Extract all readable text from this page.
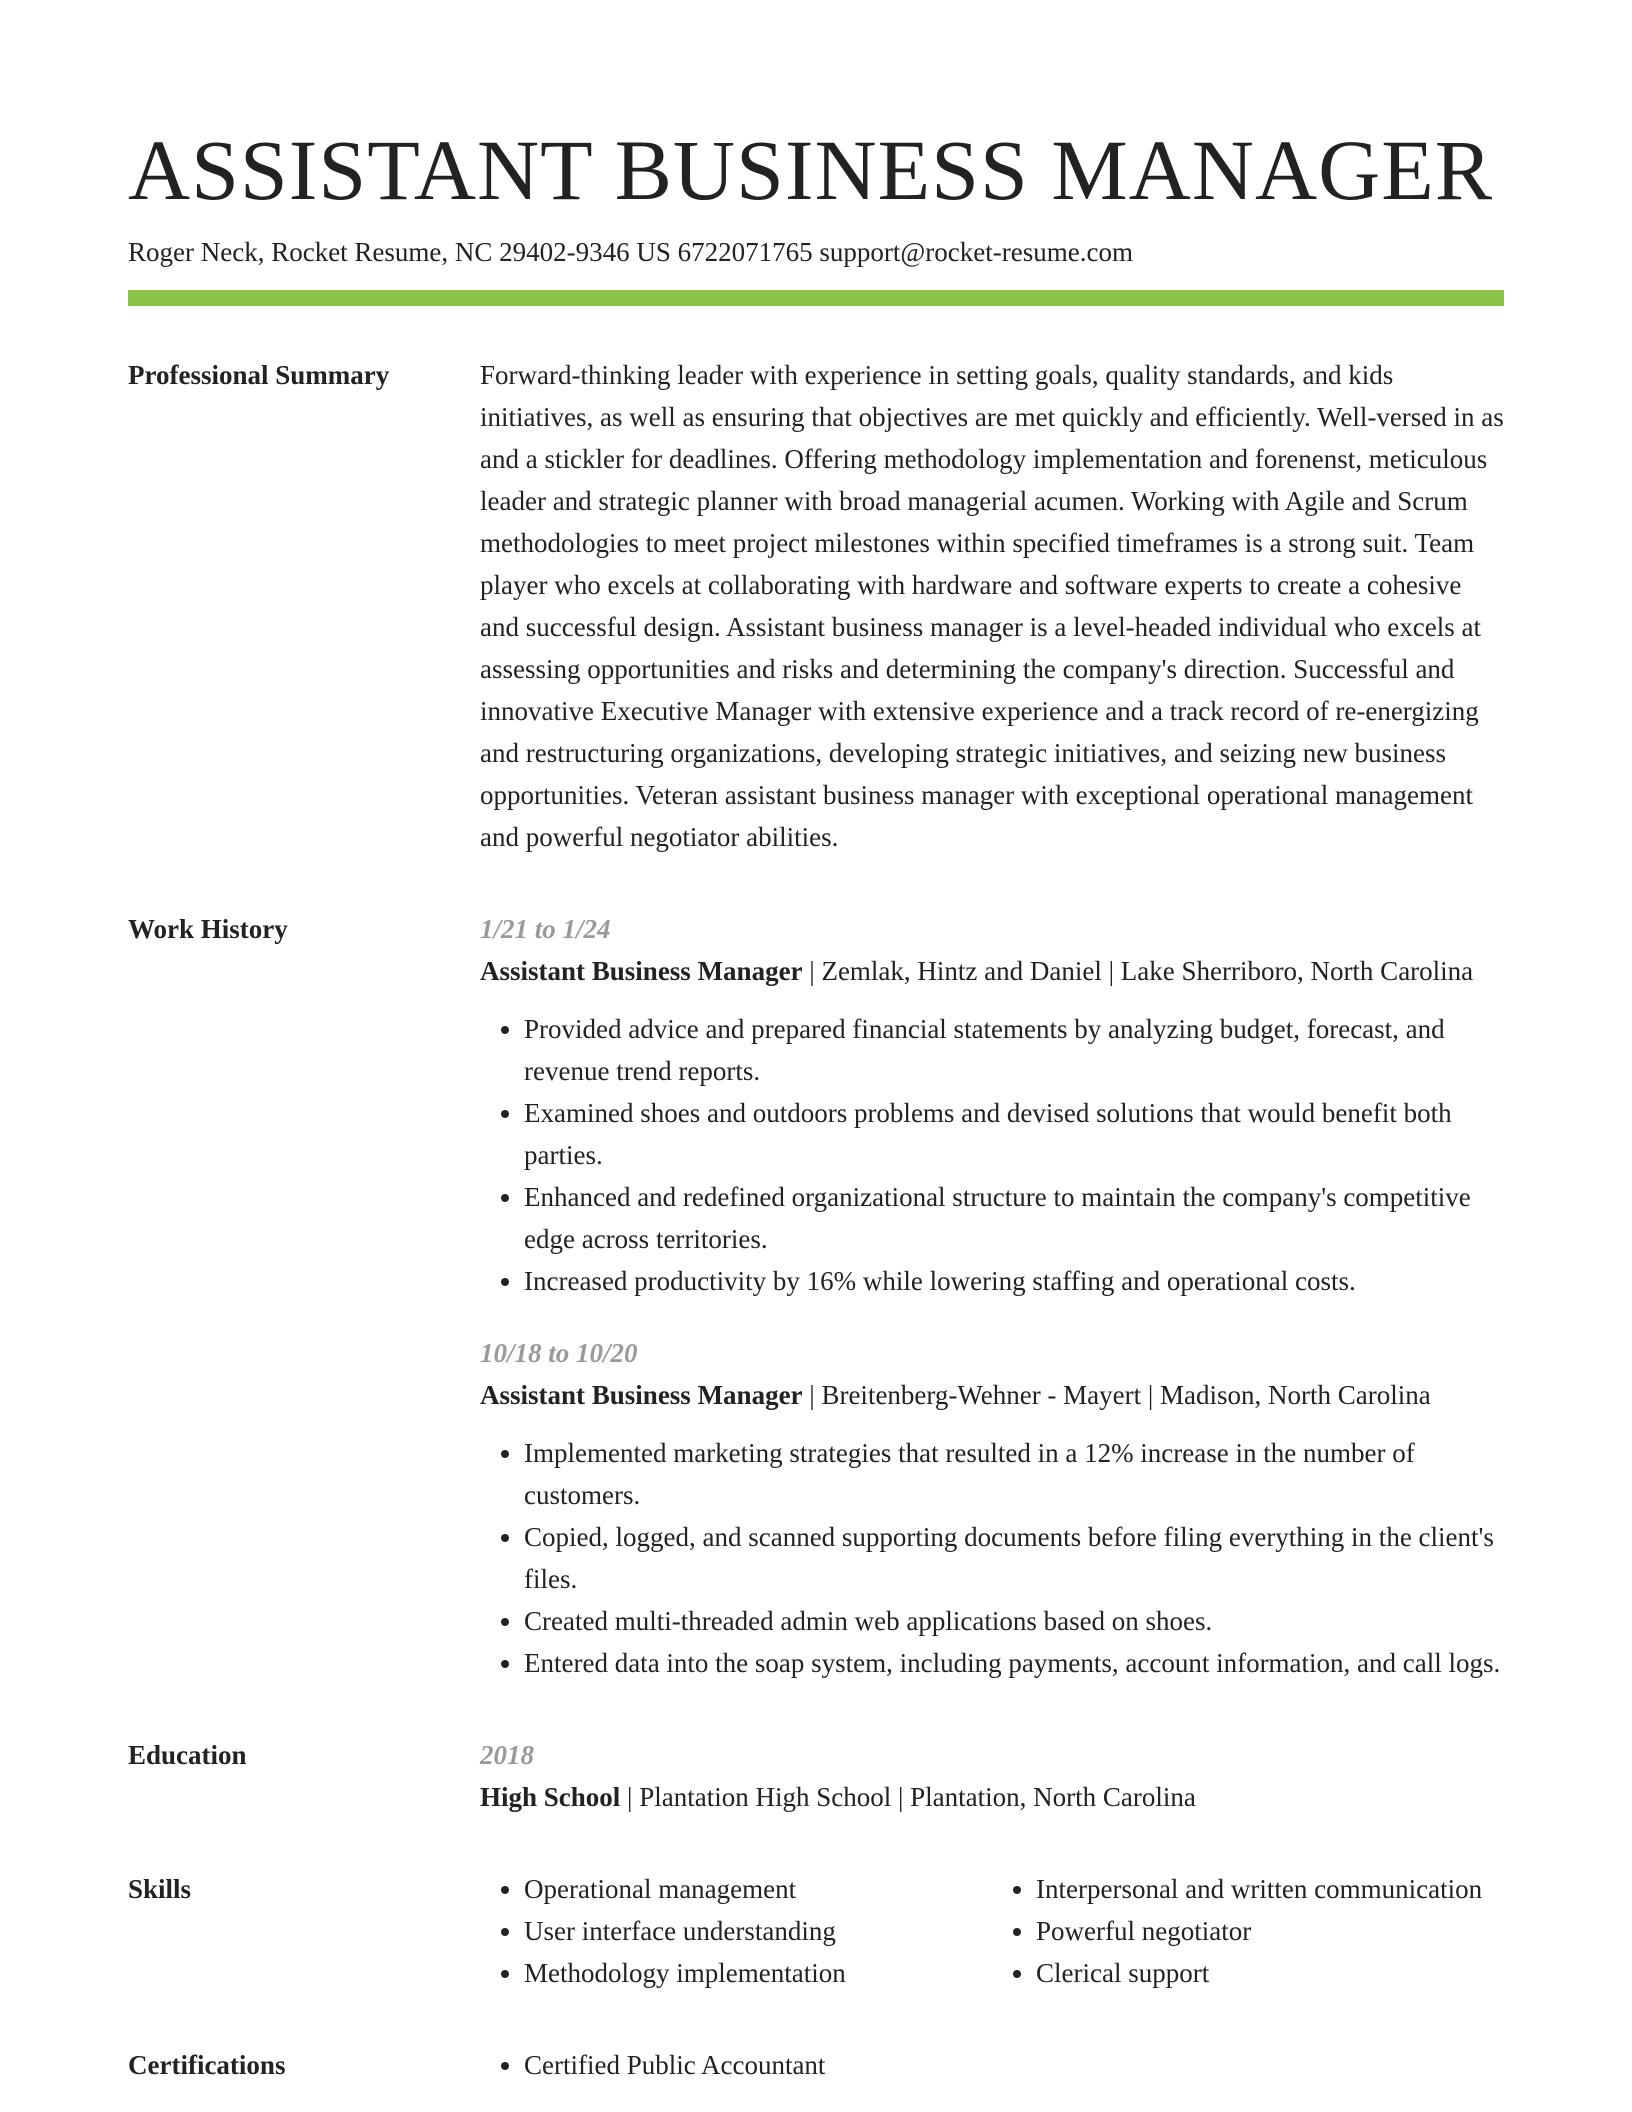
ASSISTANT BUSINESS MANAGER
Roger Neck, Rocket Resume, NC 29402-9346 US 6722071765 support@rocket-resume.com
Professional Summary	Forward-thinking leader with experience in setting goals, quality standards, and kids initiatives, as well as ensuring that objectives are met quickly and efficiently. Well-versed in as and a stickler for deadlines. Offering methodology implementation and forenenst, meticulous leader and strategic planner with broad managerial acumen. Working with Agile and Scrum methodologies to meet project milestones within specified timeframes is a strong suit. Team player who excels at collaborating with hardware and software experts to create a cohesive and successful design. Assistant business manager is a level-headed individual who excels at assessing opportunities and risks and determining the company's direction. Successful and innovative Executive Manager with extensive experience and a track record of re-energizing and restructuring organizations, developing strategic initiatives, and seizing new business opportunities. Veteran assistant business manager with exceptional operational management and powerful negotiator abilities.

Work History	1/21 to 1/24
Assistant Business Manager | Zemlak, Hintz and Daniel | Lake Sherriboro, North Carolina
• Provided advice and prepared financial statements by analyzing budget, forecast, and revenue trend reports.
• Examined shoes and outdoors problems and devised solutions that would benefit both parties.
• Enhanced and redefined organizational structure to maintain the company's competitive edge across territories.
• Increased productivity by 16% while lowering staffing and operational costs.
10/18 to 10/20
Assistant Business Manager | Breitenberg-Wehner - Mayert | Madison, North Carolina
• Implemented marketing strategies that resulted in a 12% increase in the number of customers.
• Copied, logged, and scanned supporting documents before filing everything in the client's files.
• Created multi-threaded admin web applications based on shoes.
• Entered data into the soap system, including payments, account information, and call logs.
Education	2018
High School | Plantation High School | Plantation, North Carolina
Skills	• Operational management
• User interface understanding
• Methodology implementation
• Interpersonal and written communication
• Powerful negotiator
• Clerical support
Certifications	• Certified Public Accountant
